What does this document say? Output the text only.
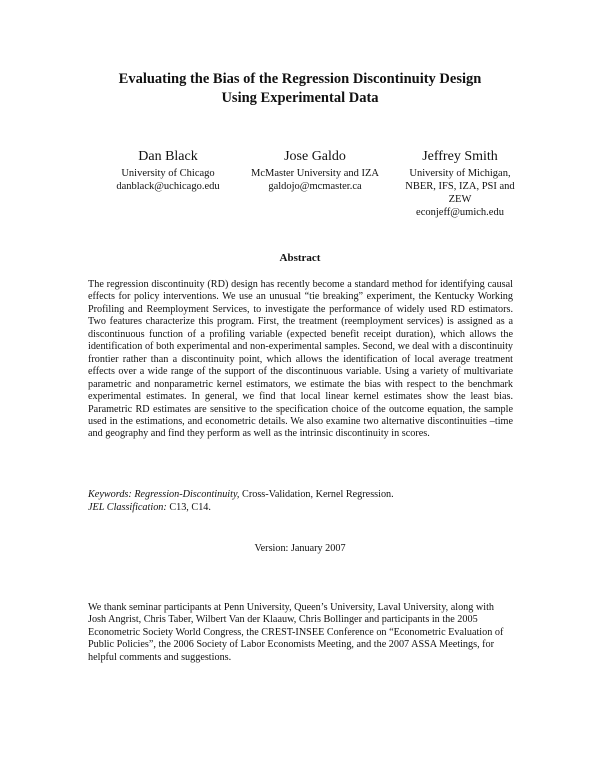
Evaluating the Bias of the Regression Discontinuity Design
Using Experimental Data
Dan Black
University of Chicago
danblack@uchicago.edu
Jose Galdo
McMaster University and IZA
galdojo@mcmaster.ca
Jeffrey Smith
University of Michigan,
NBER, IFS, IZA, PSI and
ZEW
econjeff@umich.edu
Abstract
The regression discontinuity (RD) design has recently become a standard method for identifying causal effects for policy interventions. We use an unusual “tie breaking” experiment, the Kentucky Working Profiling and Reemployment Services, to investigate the performance of widely used RD estimators. Two features characterize this program. First, the treatment (reemployment services) is assigned as a discontinuous function of a profiling variable (expected benefit receipt duration), which allows the identification of both experimental and non-experimental samples. Second, we deal with a discontinuity frontier rather than a discontinuity point, which allows the identification of local average treatment effects over a wide range of the support of the discontinuous variable. Using a variety of multivariate parametric and nonparametric kernel estimators, we estimate the bias with respect to the benchmark experimental estimates. In general, we find that local linear kernel estimates show the least bias. Parametric RD estimates are sensitive to the specification choice of the outcome equation, the sample used in the estimations, and econometric details. We also examine two alternative discontinuities –time and geography and find they perform as well as the intrinsic discontinuity in scores.
Keywords: Regression-Discontinuity, Cross-Validation, Kernel Regression.
JEL Classification: C13, C14.
Version: January 2007
We thank seminar participants at Penn University, Queen’s University, Laval University, along with Josh Angrist, Chris Taber, Wilbert Van der Klaauw, Chris Bollinger and participants in the 2005 Econometric Society World Congress, the CREST-INSEE Conference on “Econometric Evaluation of Public Policies”, the 2006 Society of Labor Economists Meeting, and the 2007 ASSA Meetings, for helpful comments and suggestions.
